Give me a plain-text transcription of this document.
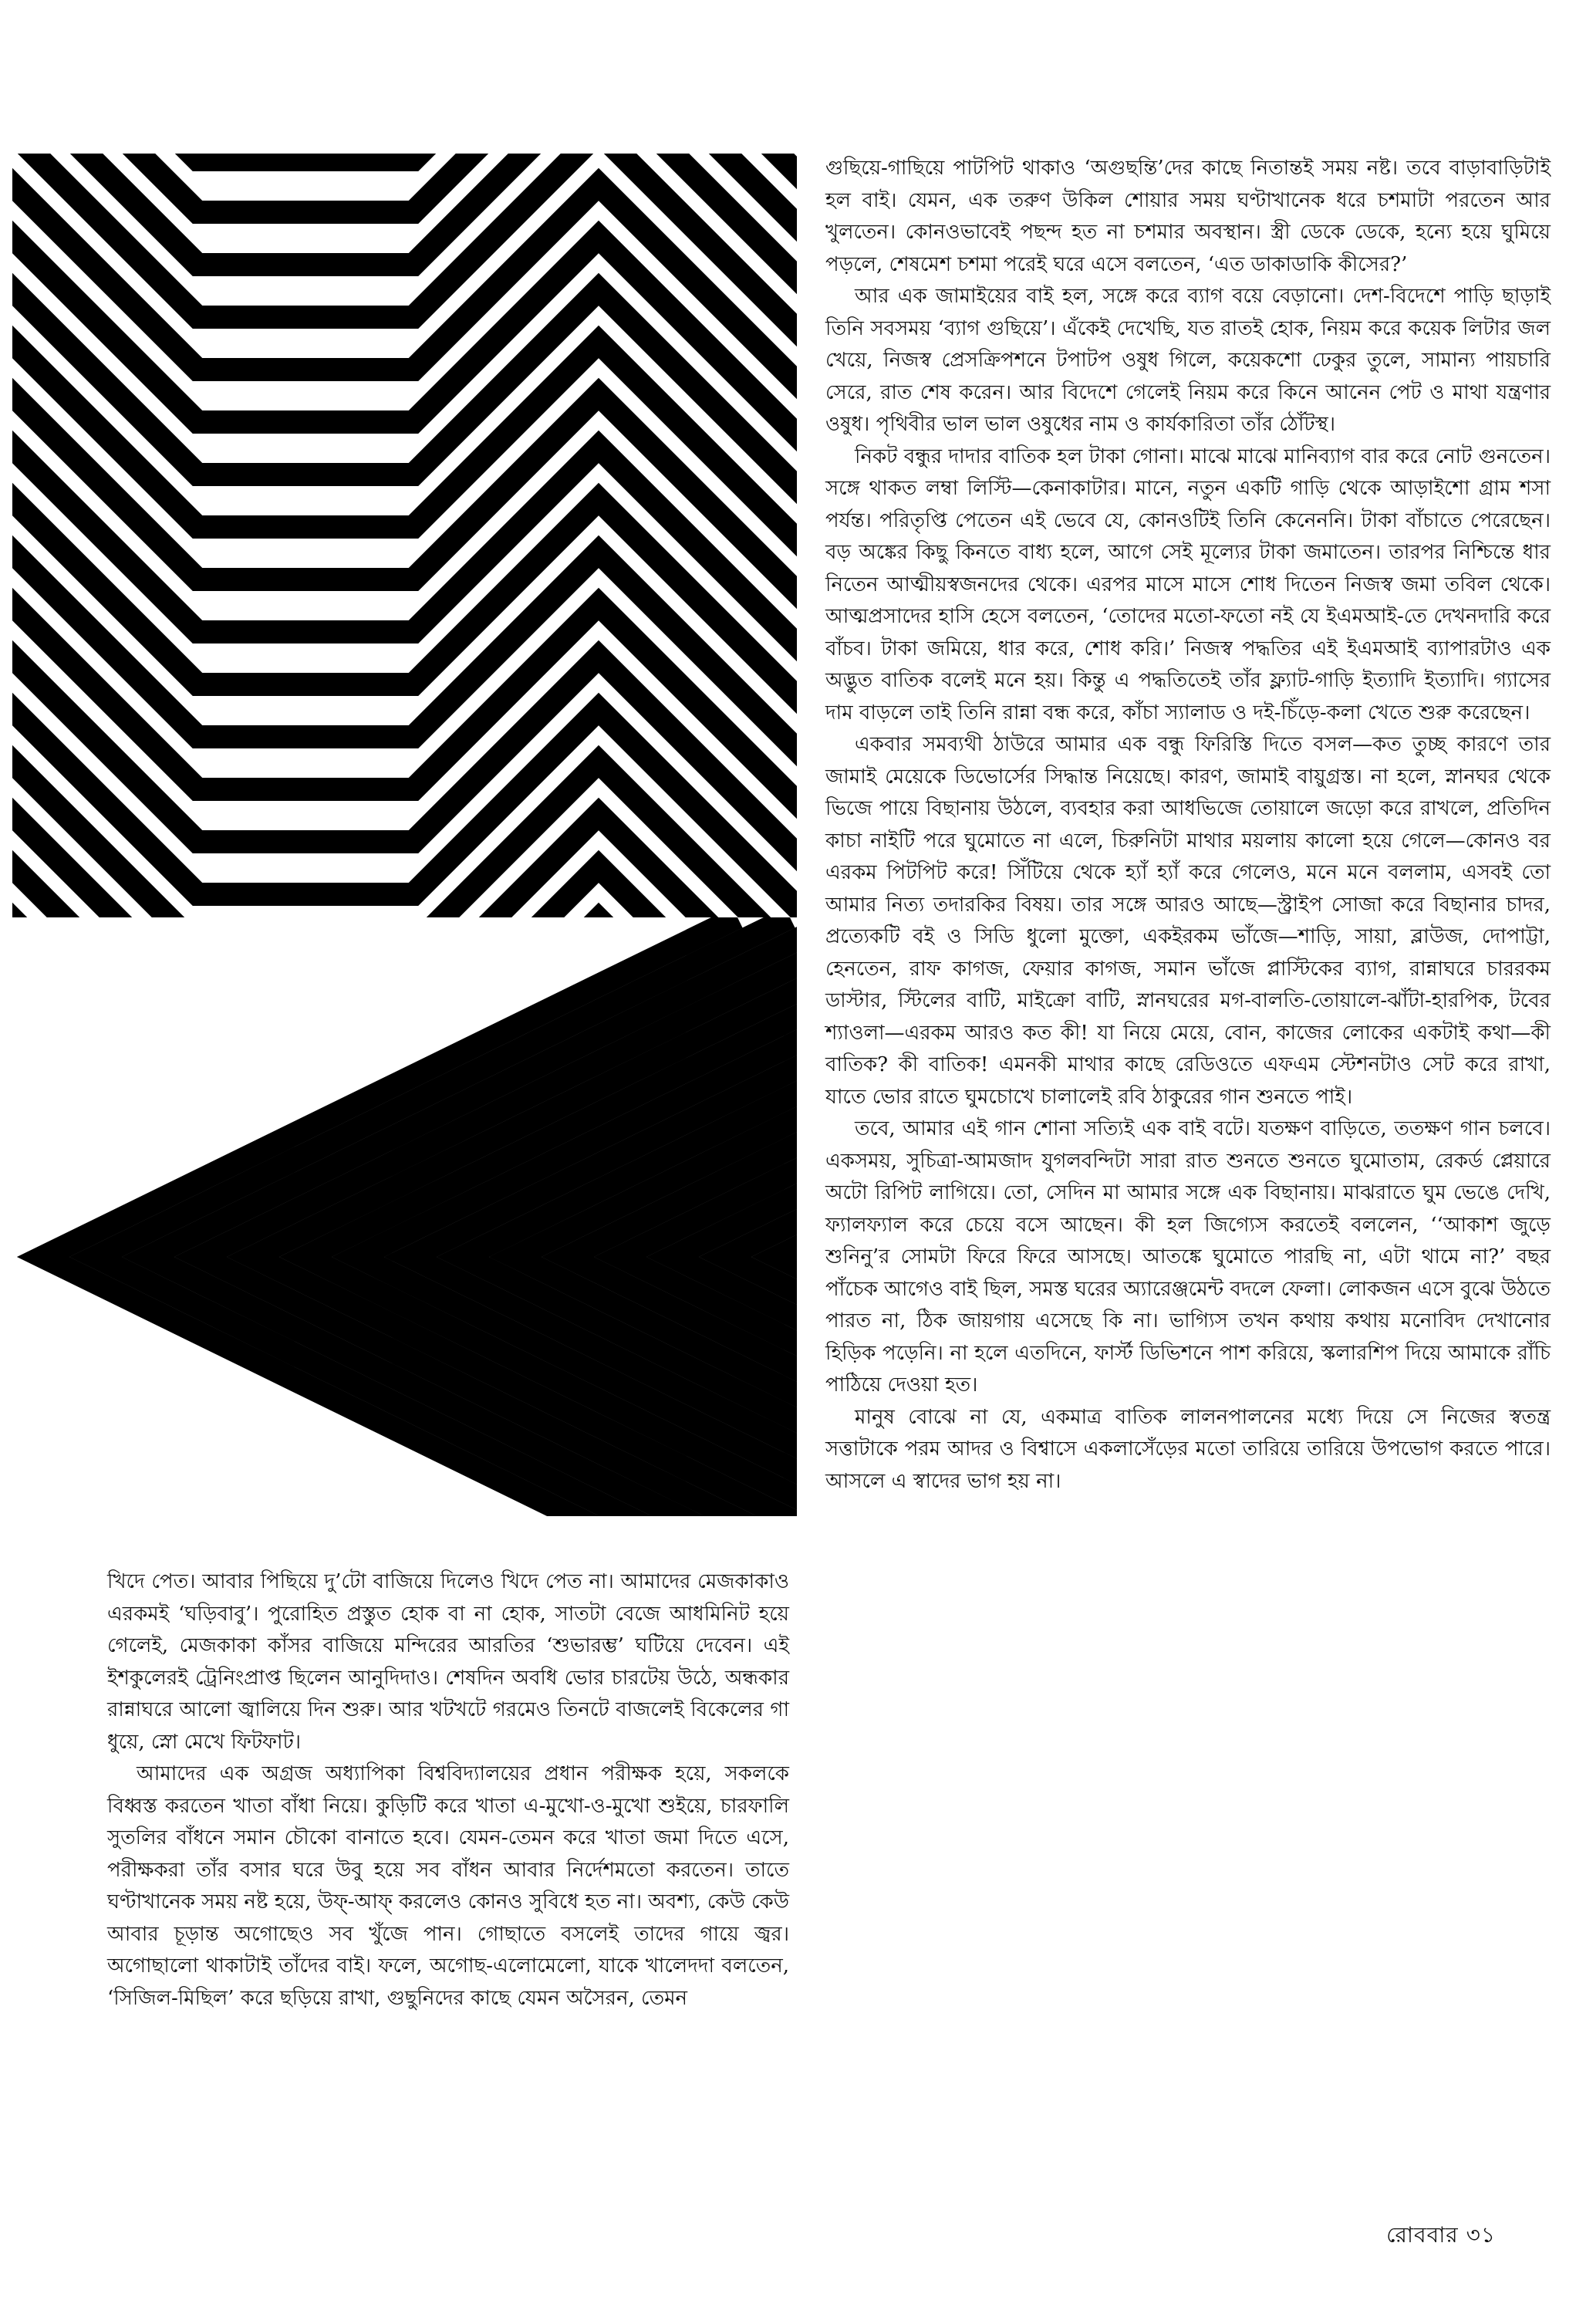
গুছিয়ে-গাছিয়ে পাটপিট থাকাও ‘অগুছন্তি’দের কাছে নিতান্তই সময় নষ্ট। তবে বাড়াবাড়িটাই হল বাই। যেমন, এক তরুণ উকিল শোয়ার সময় ঘণ্টাখানেক ধরে চশমাটা পরতেন আর খুলতেন। কোনওভাবেই পছন্দ হত না চশমার অবস্থান। স্ত্রী ডেকে ডেকে, হন্যে হয়ে ঘুমিয়ে পড়লে, শেষমেশ চশমা পরেই ঘরে এসে বলতেন, ‘এত ডাকাডাকি কীসের?’

আর এক জামাইয়ের বাই হল, সঙ্গে করে ব্যাগ বয়ে বেড়ানো। দেশ-বিদেশে পাড়ি ছাড়াই তিনি সবসময় ‘ব্যাগ গুছিয়ে’। এঁকেই দেখেছি, যত রাতই হোক, নিয়ম করে কয়েক লিটার জল খেয়ে, নিজস্ব প্রেসক্রিপশনে টপাটপ ওষুধ গিলে, কয়েকশো ঢেকুর তুলে, সামান্য পায়চারি সেরে, রাত শেষ করেন। আর বিদেশে গেলেই নিয়ম করে কিনে আনেন পেট ও মাথা যন্ত্রণার ওষুধ। পৃথিবীর ভাল ভাল ওষুধের নাম ও কার্যকারিতা তাঁর ঠোঁটস্থ।

নিকট বন্ধুর দাদার বাতিক হল টাকা গোনা। মাঝে মাঝে মানিব্যাগ বার করে নোট গুনতেন। সঙ্গে থাকত লম্বা লিস্টি—কেনাকাটার। মানে, নতুন একটি গাড়ি থেকে আড়াইশো গ্রাম শসা পর্যন্ত। পরিতৃপ্তি পেতেন এই ভেবে যে, কোনওটিই তিনি কেনেননি। টাকা বাঁচাতে পেরেছেন। বড় অঙ্কের কিছু কিনতে বাধ্য হলে, আগে সেই মূল্যের টাকা জমাতেন। তারপর নিশ্চিন্তে ধার নিতেন আত্মীয়স্বজনদের থেকে। এরপর মাসে মাসে শোধ দিতেন নিজস্ব জমা তবিল থেকে। আত্মপ্রসাদের হাসি হেসে বলতেন, ‘তোদের মতো-ফতো নই যে ইএমআই-তে দেখনদারি করে বাঁচব। টাকা জমিয়ে, ধার করে, শোধ করি।’ নিজস্ব পদ্ধতির এই ইএমআই ব্যাপারটাও এক অদ্ভুত বাতিক বলেই মনে হয়। কিন্তু এ পদ্ধতিতেই তাঁর ফ্ল্যাট-গাড়ি ইত্যাদি ইত্যাদি। গ্যাসের দাম বাড়লে তাই তিনি রান্না বন্ধ করে, কাঁচা স্যালাড ও দই-চিঁড়ে-কলা খেতে শুরু করেছেন।

একবার সমব্যথী ঠাউরে আমার এক বন্ধু ফিরিস্তি দিতে বসল—কত তুচ্ছ কারণে তার জামাই মেয়েকে ডিভোর্সের সিদ্ধান্ত নিয়েছে। কারণ, জামাই বায়ুগ্রস্ত। না হলে, স্নানঘর থেকে ভিজে পায়ে বিছানায় উঠলে, ব্যবহার করা আধভিজে তোয়ালে জড়ো করে রাখলে, প্রতিদিন কাচা নাইটি পরে ঘুমোতে না এলে, চিরুনিটা মাথার ময়লায় কালো হয়ে গেলে—কোনও বর এরকম পিটপিট করে! সিঁটিয়ে থেকে হ্যাঁ হ্যাঁ করে গেলেও, মনে মনে বললাম, এসবই তো আমার নিত্য তদারকির বিষয়। তার সঙ্গে আরও আছে—স্ট্রাইপ সোজা করে বিছানার চাদর, প্রত্যেকটি বই ও সিডি ধুলো মুক্তো, একইরকম ভাঁজে—শাড়ি, সায়া, ব্লাউজ, দোপাট্টা, হেনতেন, রাফ কাগজ, ফেয়ার কাগজ, সমান ভাঁজে প্লাস্টিকের ব্যাগ, রান্নাঘরে চাররকম ডাস্টার, স্টিলের বাটি, মাইক্রো বাটি, স্নানঘরের মগ-বালতি-তোয়ালে-ঝাঁটা-হারপিক, টবের শ্যাওলা—এরকম আরও কত কী! যা নিয়ে মেয়ে, বোন, কাজের লোকের একটাই কথা—কী বাতিক? কী বাতিক! এমনকী মাথার কাছে রেডিওতে এফএম স্টেশনটাও সেট করে রাখা, যাতে ভোর রাতে ঘুমচোখে চালালেই রবি ঠাকুরের গান শুনতে পাই।

তবে, আমার এই গান শোনা সত্যিই এক বাই বটে। যতক্ষণ বাড়িতে, ততক্ষণ গান চলবে। একসময়, সুচিত্রা-আমজাদ যুগলবন্দিটা সারা রাত শুনতে শুনতে ঘুমোতাম, রেকর্ড প্লেয়ারে অটো রিপিট লাগিয়ে। তো, সেদিন মা আমার সঙ্গে এক বিছানায়। মাঝরাতে ঘুম ভেঙে দেখি, ফ্যালফ্যাল করে চেয়ে বসে আছেন। কী হল জিগ্যেস করতেই বললেন, ‘‘আকাশ জুড়ে শুনিনু’র সোমটা ফিরে ফিরে আসছে। আতঙ্কে ঘুমোতে পারছি না, এটা থামে না?’ বছর পাঁচেক আগেও বাই ছিল, সমস্ত ঘরের অ্যারেঞ্জমেন্ট বদলে ফেলা। লোকজন এসে বুঝে উঠতে পারত না, ঠিক জায়গায় এসেছে কি না। ভাগ্যিস তখন কথায় কথায় মনোবিদ দেখানোর হিড়িক পড়েনি। না হলে এতদিনে, ফার্স্ট ডিভিশনে পাশ করিয়ে, স্কলারশিপ দিয়ে আমাকে রাঁচি পাঠিয়ে দেওয়া হত।

মানুষ বোঝে না যে, একমাত্র বাতিক লালনপালনের মধ্যে দিয়ে সে নিজের স্বতন্ত্র সত্তাটাকে পরম আদর ও বিশ্বাসে একলাসেঁড়ের মতো তারিয়ে তারিয়ে উপভোগ করতে পারে। আসলে এ স্বাদের ভাগ হয় না।

খিদে পেত। আবার পিছিয়ে দু’টো বাজিয়ে দিলেও খিদে পেত না। আমাদের মেজকাকাও এরকমই ‘ঘড়িবাবু’। পুরোহিত প্রস্তুত হোক বা না হোক, সাতটা বেজে আধমিনিট হয়ে গেলেই, মেজকাকা কাঁসর বাজিয়ে মন্দিরের আরতির ‘শুভারম্ভ’ ঘটিয়ে দেবেন। এই ইশকুলেরই ট্রেনিংপ্রাপ্ত ছিলেন আনুদিদাও। শেষদিন অবধি ভোর চারটেয় উঠে, অন্ধকার রান্নাঘরে আলো জ্বালিয়ে দিন শুরু। আর খটখটে গরমেও তিনটে বাজলেই বিকেলের গা ধুয়ে, স্নো মেখে ফিটফাট।

আমাদের এক অগ্রজ অধ্যাপিকা বিশ্ববিদ্যালয়ের প্রধান পরীক্ষক হয়ে, সকলকে বিধ্বস্ত করতেন খাতা বাঁধা নিয়ে। কুড়িটি করে খাতা এ-মুখো-ও-মুখো শুইয়ে, চারফালি সুতলির বাঁধনে সমান চৌকো বানাতে হবে। যেমন-তেমন করে খাতা জমা দিতে এসে, পরীক্ষকরা তাঁর বসার ঘরে উবু হয়ে সব বাঁধন আবার নির্দেশমতো করতেন। তাতে ঘণ্টাখানেক সময় নষ্ট হয়ে, উফ্-আফ্ করলেও কোনও সুবিধে হত না। অবশ্য, কেউ কেউ আবার চূড়ান্ত অগোছেও সব খুঁজে পান। গোছাতে বসলেই তাদের গায়ে জ্বর। অগোছালো থাকাটাই তাঁদের বাই। ফলে, অগোছ-এলোমেলো, যাকে খালেদদা বলতেন, ‘সিজিল-মিছিল’ করে ছড়িয়ে রাখা, গুছুনিদের কাছে যেমন অসৈরন, তেমন

রোববার ৩১
